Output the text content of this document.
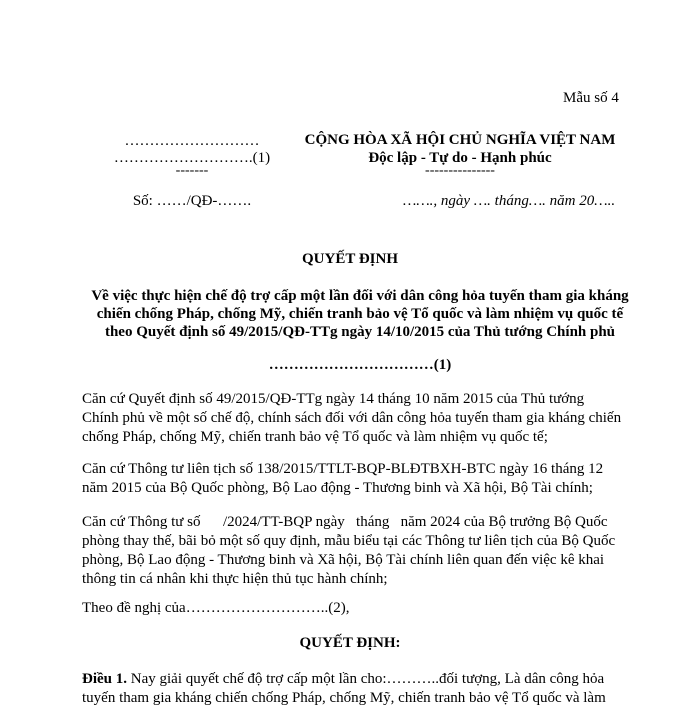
Mẫu số 4
………………………
……………………….(1)
-------
Số: ……/QĐ-…….
CỘNG HÒA XÃ HỘI CHỦ NGHĨA VIỆT NAM
Độc lập - Tự do - Hạnh phúc
---------------
……., ngày …. tháng…. năm 20…..
QUYẾT ĐỊNH
Về việc thực hiện chế độ trợ cấp một lần đối với dân công hỏa tuyến tham gia kháng
chiến chống Pháp, chống Mỹ, chiến tranh bảo vệ Tổ quốc và làm nhiệm vụ quốc tế
theo Quyết định số 49/2015/QĐ-TTg ngày 14/10/2015 của Thủ tướng Chính phủ
……………………………(1)
Căn cứ Quyết định số 49/2015/QĐ-TTg ngày 14 tháng 10 năm 2015 của Thủ tướng
Chính phủ về một số chế độ, chính sách đối với dân công hỏa tuyến tham gia kháng chiến
chống Pháp, chống Mỹ, chiến tranh bảo vệ Tổ quốc và làm nhiệm vụ quốc tế;
Căn cứ Thông tư liên tịch số 138/2015/TTLT-BQP-BLĐTBXH-BTC ngày 16 tháng 12
năm 2015 của Bộ Quốc phòng, Bộ Lao động - Thương binh và Xã hội, Bộ Tài chính;
Căn cứ Thông tư số      /2024/TT-BQP ngày   tháng   năm 2024 của Bộ trưởng Bộ Quốc
phòng thay thế, bãi bỏ một số quy định, mẫu biểu tại các Thông tư liên tịch của Bộ Quốc
phòng, Bộ Lao động - Thương binh và Xã hội, Bộ Tài chính liên quan đến việc kê khai
thông tin cá nhân khi thực hiện thủ tục hành chính;
Theo đề nghị của………………………..(2),
QUYẾT ĐỊNH:
Điều 1. Nay giải quyết chế độ trợ cấp một lần cho:………..đối tượng, Là dân công hỏa
tuyến tham gia kháng chiến chống Pháp, chống Mỹ, chiến tranh bảo vệ Tổ quốc và làm
